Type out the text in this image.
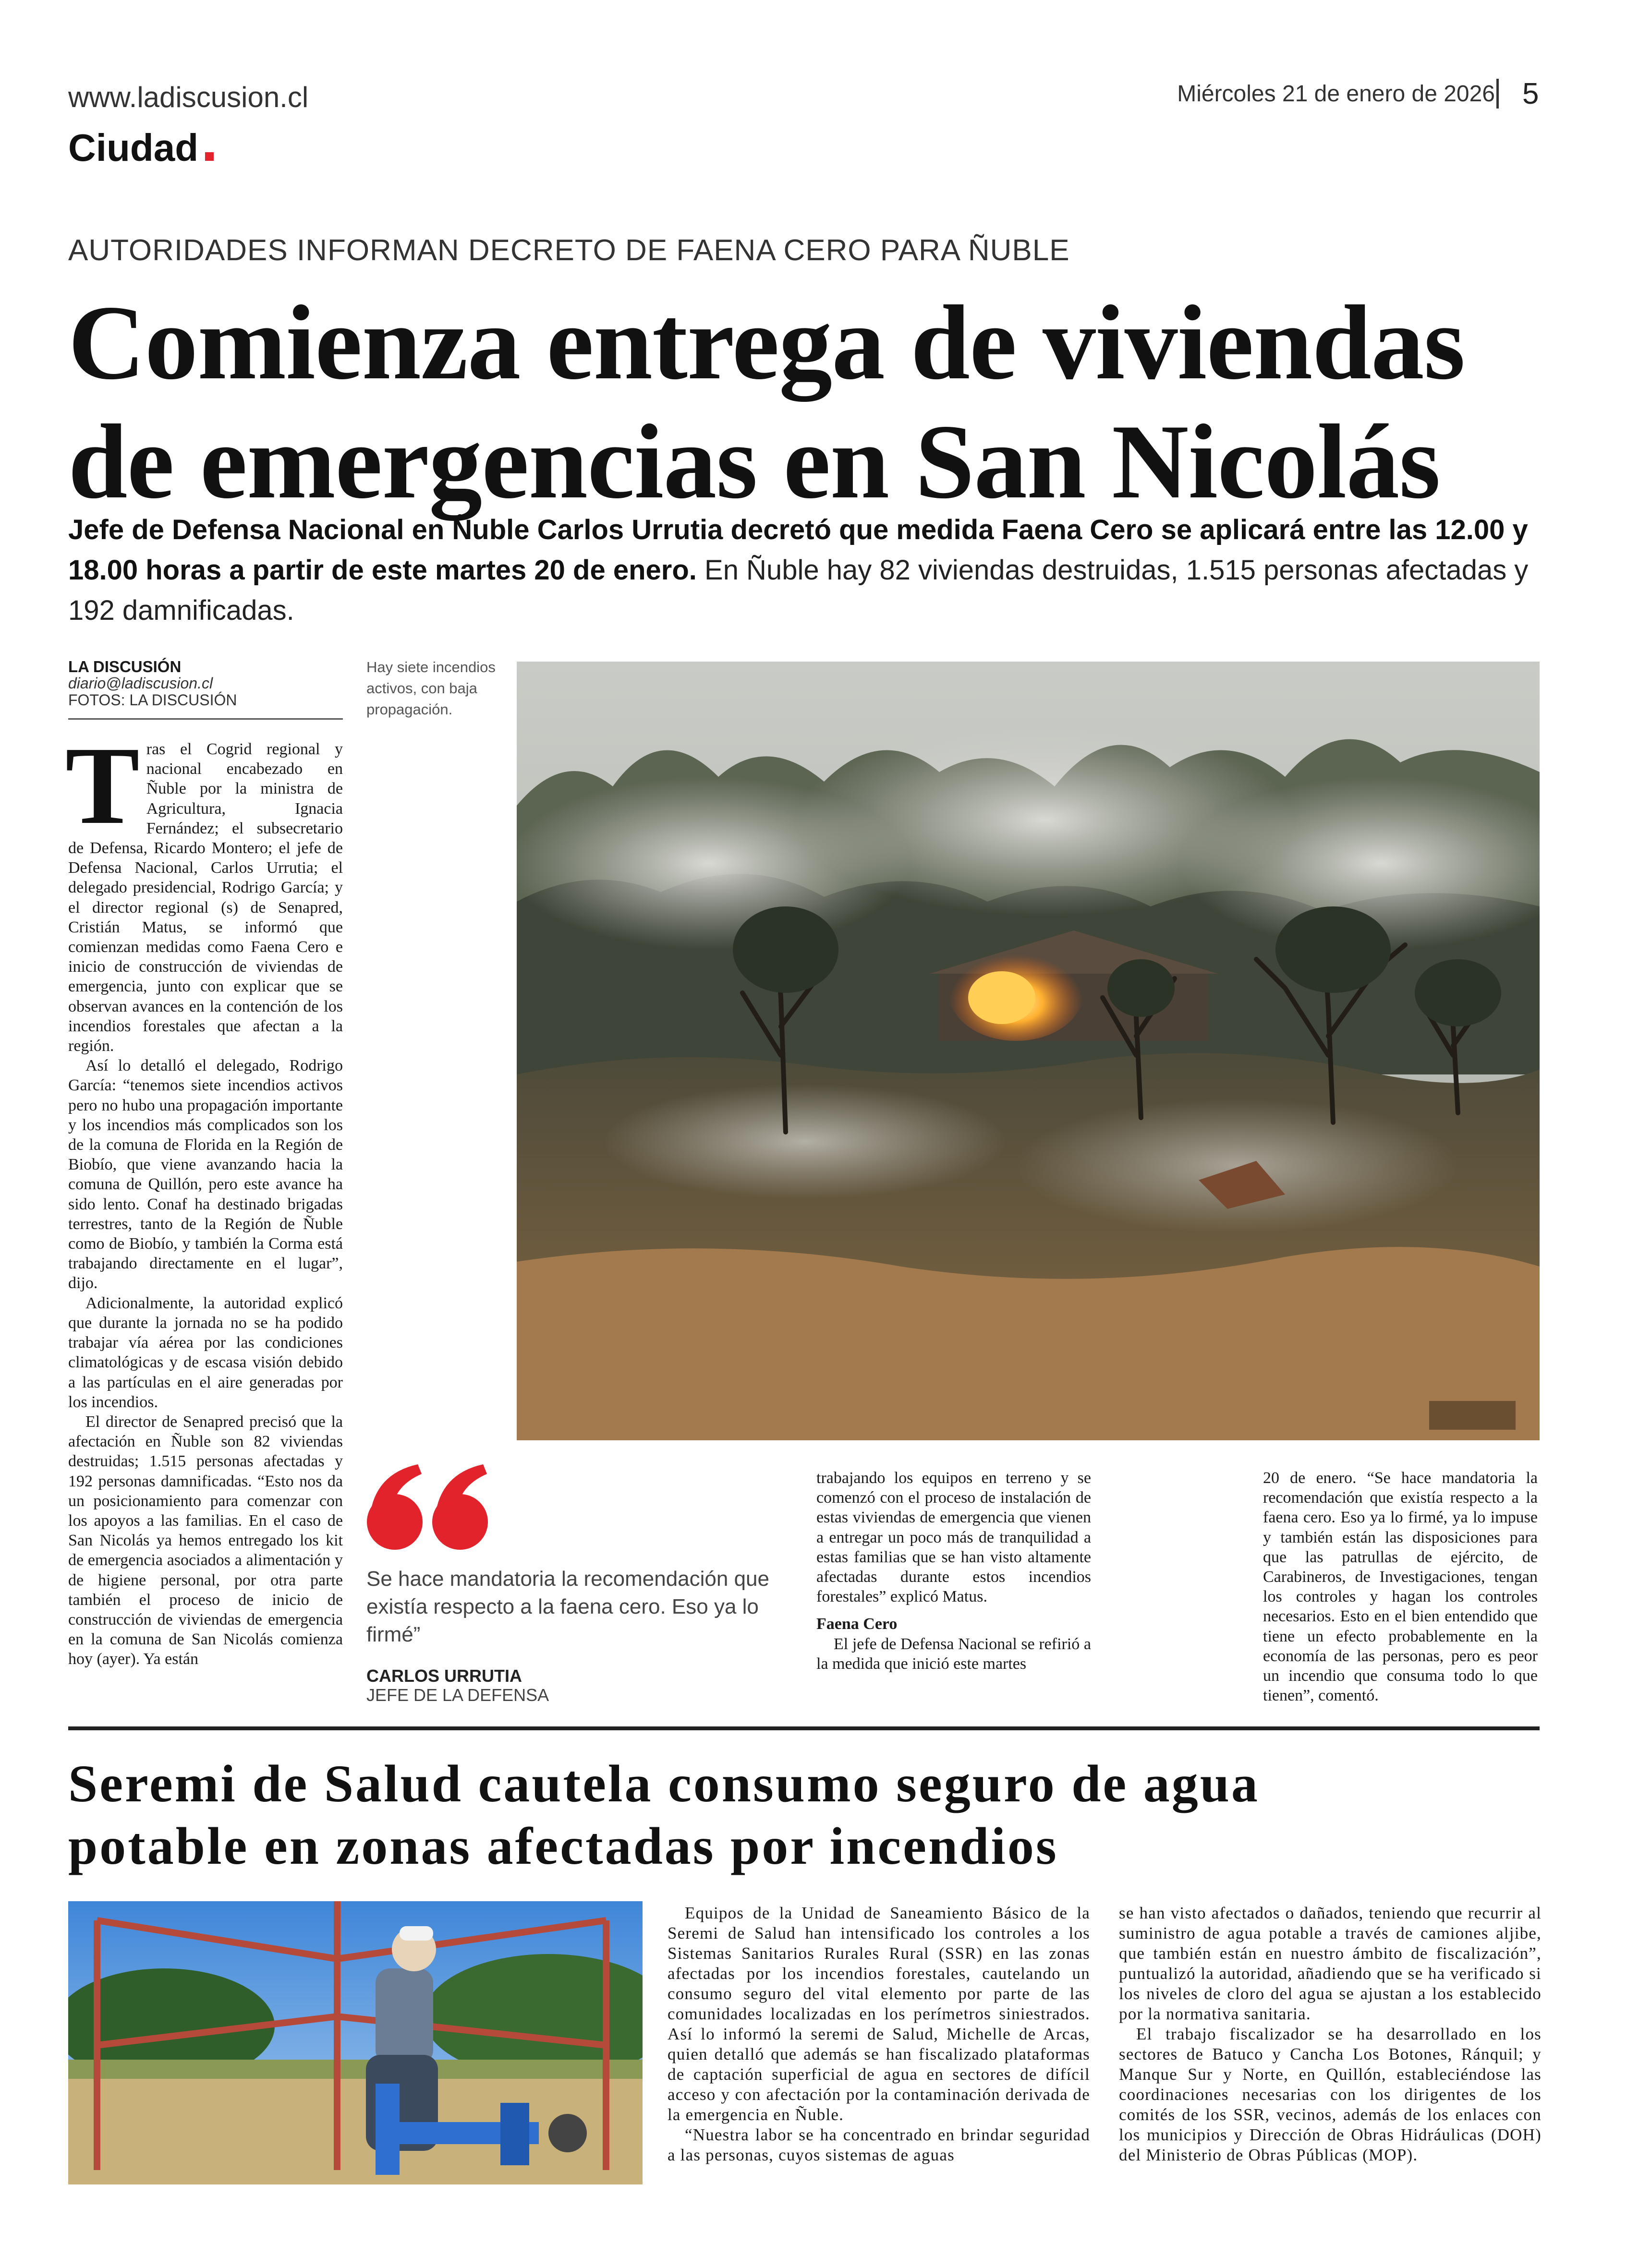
www.ladiscusion.cl	Miércoles 21 de enero de 2026 5
Ciudad
AUTORIDADES INFORMAN DECRETO DE FAENA CERO PARA ÑUBLE
Comienza entrega de viviendas
de emergencias en San Nicolás
Jefe de Defensa Nacional en Ñuble Carlos Urrutia decretó que medida Faena Cero se aplicará entre las 12.00 y 18.00 horas a partir de este martes 20 de enero. En Ñuble hay 82 viviendas destruidas, 1.515 personas afectadas y 192 damnificadas.
LA DISCUSIÓN
diario@ladiscusion.cl
FOTOS: LA DISCUSIÓN
Hay siete incendios activos, con baja propagación.

Tras el Cogrid regional y nacional encabezado en Ñuble por la ministra de Agricultura, Ignacia Fernández; el subsecretario de Defensa, Ricardo Montero; el jefe de Defensa Nacional, Carlos Urrutia; el delegado presidencial, Rodrigo García; y el director regional (s) de Senapred, Cristián Matus, se informó que comienzan medidas como Faena Cero e inicio de construcción de viviendas de emergencia, junto con explicar que se observan avances en la contención de los incendios forestales que afectan a la región.

Así lo detalló el delegado, Rodrigo García: “tenemos siete incendios activos pero no hubo una propagación importante y los incendios más complicados son los de la comuna de Florida en la Región de Biobío, que viene avanzando hacia la comuna de Quillón, pero este avance ha sido lento. Conaf ha destinado brigadas terrestres, tanto de la Región de Ñuble como de Biobío, y también la Corma está trabajando directamente en el lugar”, dijo.

Adicionalmente, la autoridad explicó que durante la jornada no se ha podido trabajar vía aérea por las condiciones climatológicas y de escasa visión debido a las partículas en el aire generadas por los incendios.

El director de Senapred precisó que la afectación en Ñuble son 82 viviendas destruidas; 1.515 personas afectadas y 192 personas damnificadas. “Esto nos da un posicionamiento para comenzar con los apoyos a las familias. En el caso de San Nicolás ya hemos entregado los kit de emergencia asociados a alimentación y de higiene personal, por otra parte también el proceso de inicio de construcción de viviendas de emergencia en la comuna de San Nicolás comienza hoy (ayer). Ya están

Se hace mandatoria la recomendación que existía respecto a la faena cero. Eso ya lo firmé”
CARLOS URRUTIA
JEFE DE LA DEFENSA

trabajando los equipos en terreno y se comenzó con el proceso de instalación de estas viviendas de emergencia que vienen a entregar un poco más de tranquilidad a estas familias que se han visto altamente afectadas durante estos incendios forestales” explicó Matus.

Faena Cero

El jefe de Defensa Nacional se refirió a la medida que inició este martes

20 de enero. “Se hace mandatoria la recomendación que existía respecto a la faena cero. Eso ya lo firmé, ya lo impuse y también están las disposiciones para que las patrullas de ejército, de Carabineros, de Investigaciones, tengan los controles y hagan los controles necesarios. Esto en el bien entendido que tiene un efecto probablemente en la economía de las personas, pero es peor un incendio que consuma todo lo que tienen”, comentó.

Seremi de Salud cautela consumo seguro de agua
potable en zonas afectadas por incendios

Equipos de la Unidad de Saneamiento Básico de la Seremi de Salud han intensificado los controles a los Sistemas Sanitarios Rurales Rural (SSR) en las zonas afectadas por los incendios forestales, cautelando un consumo seguro del vital elemento por parte de las comunidades localizadas en los perímetros siniestrados. Así lo informó la seremi de Salud, Michelle de Arcas, quien detalló que además se han fiscalizado plataformas de captación superficial de agua en sectores de difícil acceso y con afectación por la contaminación derivada de la emergencia en Ñuble.

“Nuestra labor se ha concentrado en brindar seguridad a las personas, cuyos sistemas de aguas

se han visto afectados o dañados, teniendo que recurrir al suministro de agua potable a través de camiones aljibe, que también están en nuestro ámbito de fiscalización”, puntualizó la autoridad, añadiendo que se ha verificado si los niveles de cloro del agua se ajustan a los establecido por la normativa sanitaria.

El trabajo fiscalizador se ha desarrollado en los sectores de Batuco y Cancha Los Botones, Ránquil; y Manque Sur y Norte, en Quillón, estableciéndose las coordinaciones necesarias con los dirigentes de los comités de los SSR, vecinos, además de los enlaces con los municipios y Dirección de Obras Hidráulicas (DOH) del Ministerio de Obras Públicas (MOP).
